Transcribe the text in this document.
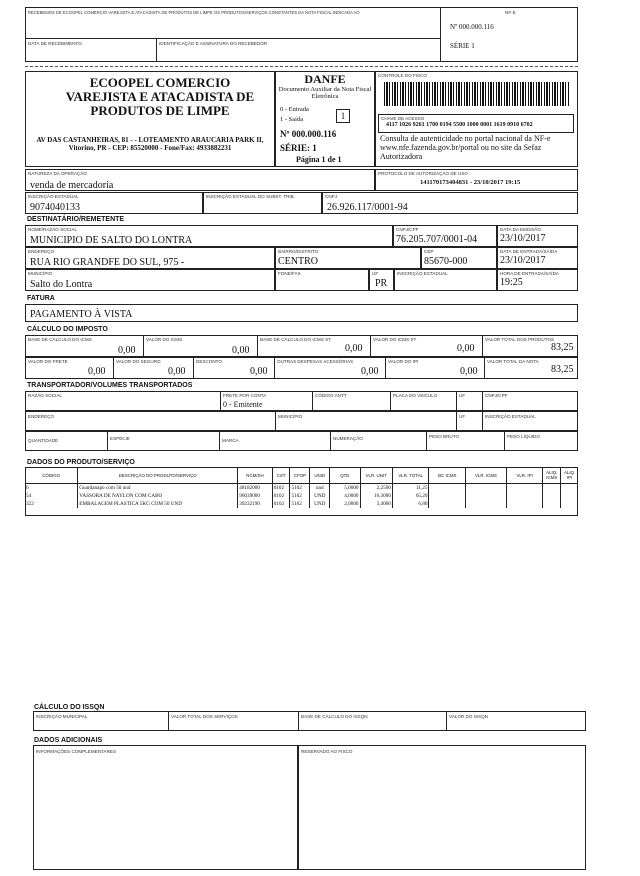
RECEBEMOS DE ECOOPEL COMERCIO VAREJISTA E ATACADISTA DE PRODUTOS DE LIMPE OS PRODUTOS/SERVIÇOS CONSTANTES DA NOTA FISCAL INDICADA AO	NF-E
Nº 000.000.116
SÉRIE 1
DATA DE RECEBIMENTO	IDENTIFICAÇÃO E ASSINATURA DO RECEBEDOR
ECOOPEL COMERCIO VAREJISTA E ATACADISTA DE PRODUTOS DE LIMPE
AV DAS CASTANHEIRAS, 81 - - LOTEAMENTO ARAUCARIA PARK II, Vitorino, PR - CEP: 85520000 - Fone/Fax: 4933882231
DANFE
Documento Auxiliar da Nota Fiscal Eletrônica
0 - Entrada
1 - Saída	1
Nº 000.000.116
SÉRIE: 1
Página 1 de 1
CONTROLE DO FISCO
CHAVE DE ACESSO
4117 1026 9261 1700 0194 5500 1000 0001 1619 0910 6702
Consulta de autenticidade no portal nacional da NF-e www.nfe.fazenda.gov.br/portal ou no site da Sefaz Autorizadora
NATUREZA DA OPERAÇÃO
venda de mercadoria
PROTOCOLO DE AUTORIZAÇÃO DE USO
141170173404831 - 23/10/2017 19:15
INSCRIÇÃO ESTADUAL
9074040133
INSCRIÇÃO ESTADUAL DO SUBST. TRIB.	CNPJ
26.926.117/0001-94
DESTINATÁRIO/REMETENTE
NOME/RAZÃO SOCIAL
MUNICIPIO DE SALTO DO LONTRA
CNPJ/CPF
76.205.707/0001-04
DATA DA EMISSÃO
23/10/2017
ENDEREÇO
RUA RIO GRANDFE DO SUL, 975 -
BAIRRO/DISTRITO
CENTRO
CEP
85670-000
DATA DE ENTRADA/SAÍDA
23/10/2017
MUNICÍPIO
Salto do Lontra
FONE/FAX	UF
PR
INSCRIÇÃO ESTADUAL	HORA DE ENTRADA/SAÍDA
19:25
FATURA
PAGAMENTO À VISTA
CÁLCULO DO IMPOSTO
BASE DE CÁLCULO DO ICMS
0,00
VALOR DO ICMS
0,00
BASE DE CÁLCULO DO ICMS ST
0,00
VALOR DO ICMS ST
0,00
VALOR TOTAL DOS PRODUTOS
83,25
VALOR DO FRETE
0,00
VALOR DO SEGURO
0,00
DESCONTO
0,00
OUTRAS DESPESAS ACESSÓRIAS
0,00
VALOR DO IPI
0,00
VALOR TOTAL DA NOTA
83,25
TRANSPORTADOR/VOLUMES TRANSPORTADOS
RAZÃO SOCIAL	FRETE POR CONTA
0 - Emitente
CÓDIGO ANTT	PLACA DO VEÍCULO	UF	CNPJ/CPF
ENDEREÇO	MUNICÍPIO	UF	INSCRIÇÃO ESTADUAL
QUANTIDADE	ESPÉCIE	MARCA	NUMERAÇÃO	PESO BRUTO	PESO LÍQUIDO
DADOS DO PRODUTO/SERVIÇO
CÓDIGO	DESCRIÇÃO DO PRODUTO/SERVIÇO	NCM/SH	CST	CFOP	UNID	QTD	VLR. UNIT	VLR. TOTAL	BC ICMS	VLR. ICMS	VLR. IPI	ALIQ. ICMS	ALIQ. IPI
6	Guardanapo com 50 und	48182000	0102	5102	und	5,0000	2,2500	11,25					
54	VASSORA DE NAYLON COM CABO	96039000	0102	5102	UND	4,0000	16,3000	65,20					
322	EMBALAGEM PLASTICA 5KG COM 50 UND	39232190	0102	5102	UND	2,0000	3,4000	6,80					
CÁLCULO DO ISSQN
INSCRIÇÃO MUNICIPAL	VALOR TOTAL DOS SERVIÇOS	BASE DE CÁLCULO DO ISSQN	VALOR DO ISSQN
DADOS ADICIONAIS
INFORMAÇÕES COMPLEMENTARES	RESERVADO AO FISCO
